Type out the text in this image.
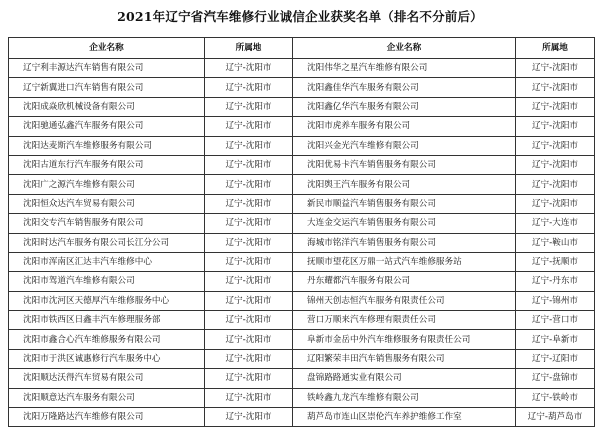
2021年辽宁省汽车维修行业诚信企业获奖名单（排名不分前后）
企业名称	所属地	企业名称	所属地
辽宁利丰源达汽车销售有限公司	辽宁-沈阳市	沈阳伟华之星汽车维修有限公司	辽宁-沈阳市
辽宁新翼进口汽车销售有限公司	辽宁-沈阳市	沈阳鑫佳华汽车服务有限公司	辽宁-沈阳市
沈阳成焱欣机械设备有限公司	辽宁-沈阳市	沈阳鑫亿华汽车服务有限公司	辽宁-沈阳市
沈阳驰通弘鑫汽车服务有限公司	辽宁-沈阳市	沈阳市虎养车服务有限公司	辽宁-沈阳市
沈阳达麦斯汽车维修服务有限公司	辽宁-沈阳市	沈阳兴金光汽车维修有限公司	辽宁-沈阳市
沈阳古道东行汽车服务有限公司	辽宁-沈阳市	沈阳优易卡汽车销售服务有限公司	辽宁-沈阳市
沈阳广之源汽车维修有限公司	辽宁-沈阳市	沈阳舆王汽车服务有限公司	辽宁-沈阳市
沈阳恒众达汽车贸易有限公司	辽宁-沈阳市	新民市顺益汽车销售服务有限公司	辽宁-沈阳市
沈阳交专汽车销售服务有限公司	辽宁-沈阳市	大连金交运汽车销售服务有限公司	辽宁-大连市
沈阳时达汽车服务有限公司长江分公司	辽宁-沈阳市	海城市铭洋汽车销售服务有限公司	辽宁-鞍山市
沈阳市浑南区汇达丰汽车维修中心	辽宁-沈阳市	抚顺市望花区万鼎一站式汽车维修服务站	辽宁-抚顺市
沈阳市驾道汽车维修有限公司	辽宁-沈阳市	丹东耀都汽车服务有限公司	辽宁-丹东市
沈阳市沈河区天德厚汽车维修服务中心	辽宁-沈阳市	锦州天创志恒汽车服务有限责任公司	辽宁-锦州市
沈阳市铁西区日鑫丰汽车修理服务部	辽宁-沈阳市	营口万顺来汽车修理有限责任公司	辽宁-营口市
沈阳市鑫合心汽车维修服务有限公司	辽宁-沈阳市	阜新市金岳中外汽车维修服务有限责任公司	辽宁-阜新市
沈阳市于洪区诚惠修行汽车服务中心	辽宁-沈阳市	辽阳繁荣丰田汽车销售服务有限公司	辽宁-辽阳市
沈阳顺达沃得汽车贸易有限公司	辽宁-沈阳市	盘锦路路通实业有限公司	辽宁-盘锦市
沈阳顺意达汽车服务有限公司	辽宁-沈阳市	铁岭鑫九龙汽车维修有限公司	辽宁-铁岭市
沈阳万隆路达汽车维修有限公司	辽宁-沈阳市	葫芦岛市连山区崇伦汽车养护维修工作室	辽宁-葫芦岛市
